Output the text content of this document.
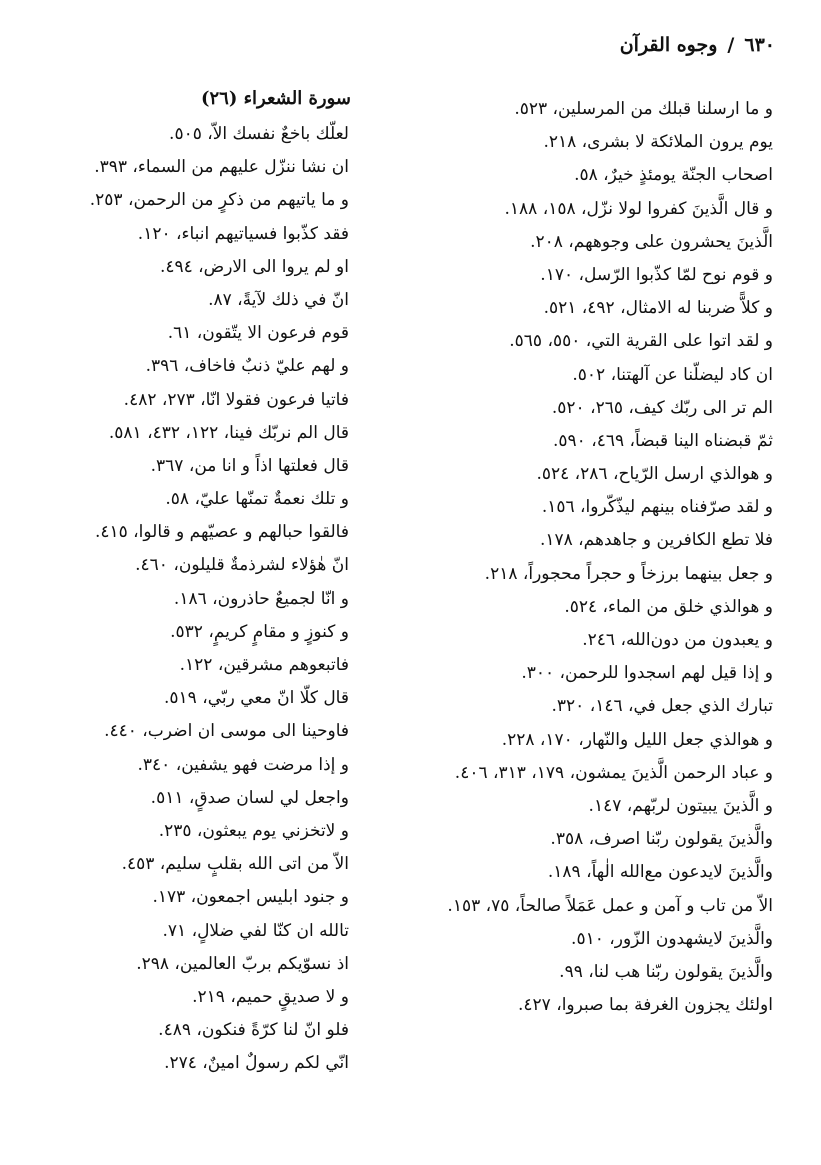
٦٣٠
/
وجوه القرآن
و ما ارسلنا قبلك من المرسلين، ٥٢٣.
يوم يرون الملائكة لا بشرى، ٢١٨.
اصحاب الجنّة يومئذٍ خيرٌ، ٥٨.
و قال الَّذينَ كفروا لولا نزّل، ١٥٨، ١٨٨.
الَّذينَ يحشرون على وجوههم، ٢٠٨.
و قوم نوح لمّا كذّبوا الرّسل، ١٧٠.
و كلاًّ ضربنا له الامثال، ٤٩٢، ٥٢١.
و لقد اتوا على القرية التي، ٥٥٠، ٥٦٥.
ان كاد ليضلّنا عن آلهتنا، ٥٠٢.
الم تر الى ربّك كيف، ٢٦٥، ٥٢٠.
ثمّ قبضناه الينا قبضاً، ٤٦٩، ٥٩٠.
و هوالذي ارسل الرّياح، ٢٨٦، ٥٢٤.
و لقد صرّفناه بينهم ليذّكّروا، ١٥٦.
فلا تطع الكافرين و جاهدهم، ١٧٨.
و جعل بينهما برزخاً و حجراً محجوراً، ٢١٨.
و هوالذي خلق من الماء، ٥٢٤.
و يعبدون من دون‌الله، ٢٤٦.
و إذا قيل لهم اسجدوا للرحمن، ٣٠٠.
تبارك الذي جعل في، ١٤٦، ٣٢٠.
و هوالذي جعل الليل والنّهار، ١٧٠، ٢٢٨.
و عباد الرحمن الَّذينَ يمشون، ١٧٩، ٣١٣، ٤٠٦.
و الَّذينَ يبيتون لربّهم، ١٤٧.
والَّذينَ يقولون ربّنا اصرف، ٣٥٨.
والَّذينَ لايدعون مع‌الله الٰهاً، ١٨٩.
الاّ من تاب و آمن و عمل عَمَلاً صالحاً، ٧٥، ١٥٣.
والَّذينَ لايشهدون الزّور، ٥١٠.
والَّذينَ يقولون ربّنا هب لنا، ٩٩.
اولئك يجزون الغرفة بما صبروا، ٤٢٧.
سورة الشعراء (٢٦)
لعلّك باخعٌ نفسك الاّ، ٥٠٥.
ان نشا ننزّل عليهم من السماء، ٣٩٣.
و ما ياتيهم من ذكرٍ من الرحمن، ٢٥٣.
فقد كذّبوا فسياتيهم انباء، ١٢٠.
او لم يروا الى الارض، ٤٩٤.
انّ في ذلك لآيةً، ٨٧.
قوم فرعون الا يتّقون، ٦١.
و لهم عليّ ذنبٌ فاخاف، ٣٩٦.
فاتيا فرعون فقولا انّا، ٢٧٣، ٤٨٢.
قال الم نربّك فينا، ١٢٢، ٤٣٢، ٥٨١.
قال فعلتها اذاً و انا من، ٣٦٧.
و تلك نعمةٌ تمنّها عليّ، ٥٨.
فالقوا حبالهم و عصيّهم و قالوا، ٤١٥.
انّ هٰؤلاء لشرذمةٌ قليلون، ٤٦٠.
و انّا لجميعٌ حاذرون، ١٨٦.
و كنوزٍ و مقامٍ كريمٍ، ٥٣٢.
فاتبعوهم مشرقين، ١٢٢.
قال كلّا انّ معي ربّي، ٥١٩.
فاوحينا الى موسى ان اضرب، ٤٤٠.
و إذا مرضت فهو يشفين، ٣٤٠.
واجعل لي لسان صدقٍ، ٥١١.
و لاتخزني يوم يبعثون، ٢٣٥.
الاّ من اتى الله بقلبٍ سليم، ٤٥٣.
و جنود ابليس اجمعون، ١٧٣.
تالله ان كنّا لفي ضلالٍ، ٧١.
اذ نسوّيكم بربّ العالمين، ٢٩٨.
و لا صديقٍ حميم، ٢١٩.
فلو انّ لنا كرّةً فنكون، ٤٨٩.
انّي لكم رسولٌ امينٌ، ٢٧٤.
